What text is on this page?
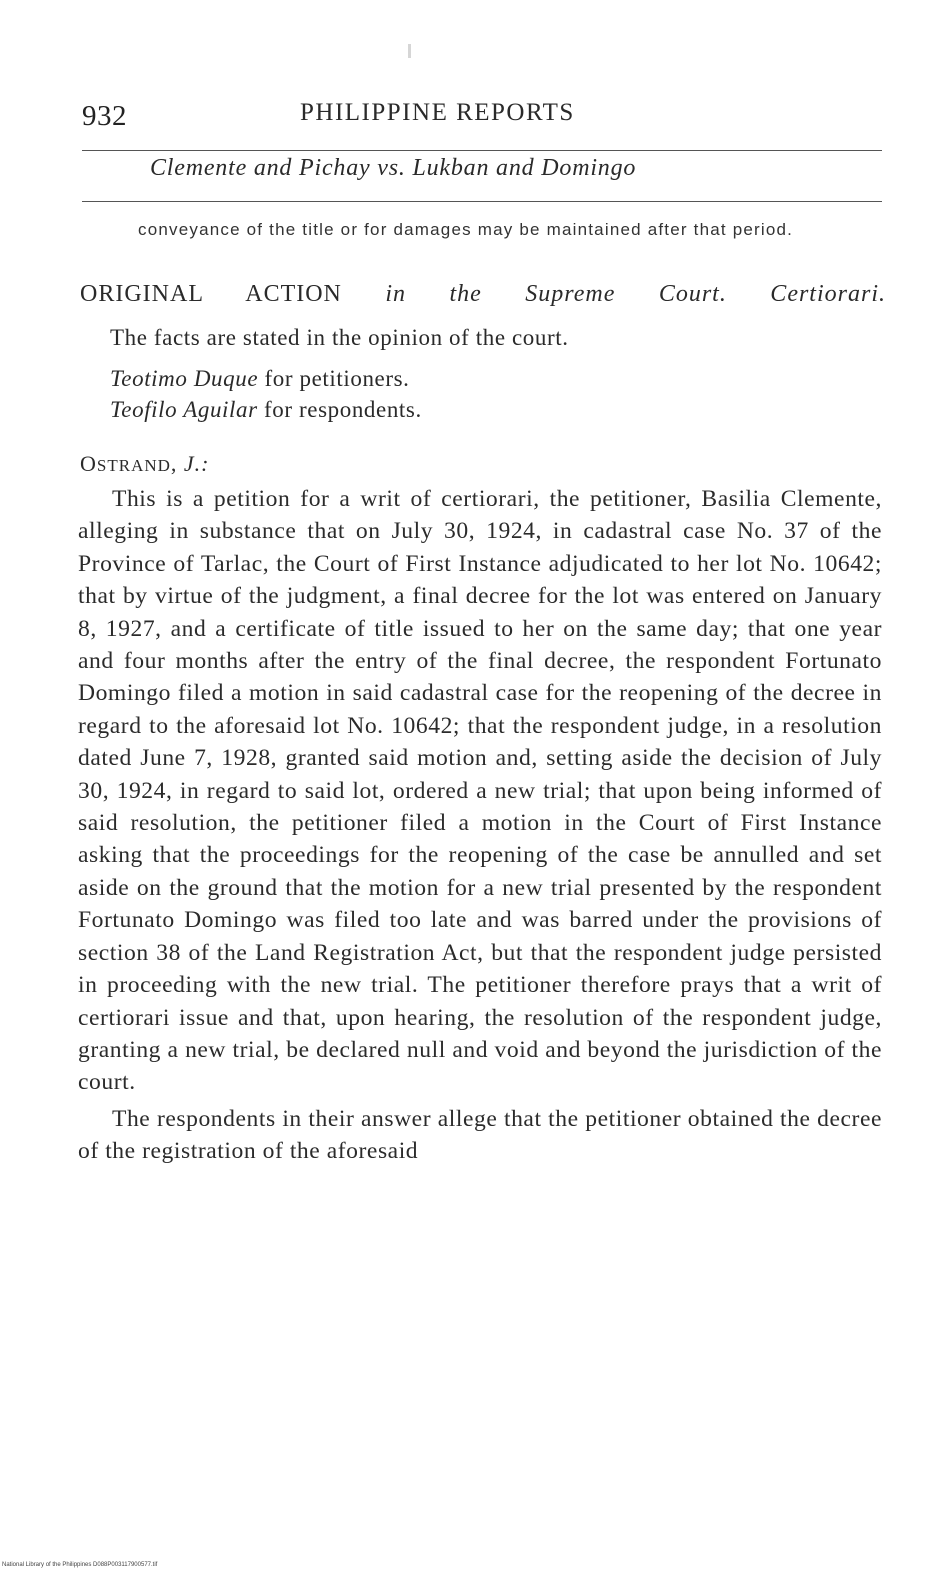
932	PHILIPPINE REPORTS
Clemente and Pichay vs. Lukban and Domingo
conveyance of the title or for damages may be maintained after that period.
ORIGINAL ACTION in the Supreme Court. Certiorari.
The facts are stated in the opinion of the court.
Teotimo Duque for petitioners.
Teofilo Aguilar for respondents.
OSTRAND, J.:

This is a petition for a writ of certiorari, the petitioner, Basilia Clemente, alleging in substance that on July 30, 1924, in cadastral case No. 37 of the Province of Tarlac, the Court of First Instance adjudicated to her lot No. 10642; that by virtue of the judgment, a final decree for the lot was entered on January 8, 1927, and a certificate of title issued to her on the same day; that one year and four months after the entry of the final decree, the respondent Fortunato Domingo filed a motion in said cadastral case for the reopening of the decree in regard to the aforesaid lot No. 10642; that the respondent judge, in a resolution dated June 7, 1928, granted said motion and, setting aside the decision of July 30, 1924, in regard to said lot, ordered a new trial; that upon being informed of said resolution, the petitioner filed a motion in the Court of First Instance asking that the proceedings for the reopening of the case be annulled and set aside on the ground that the motion for a new trial presented by the respondent Fortunato Domingo was filed too late and was barred under the provisions of section 38 of the Land Registration Act, but that the respondent judge persisted in proceeding with the new trial. The petitioner therefore prays that a writ of certiorari issue and that, upon hearing, the resolution of the respondent judge, granting a new trial, be declared null and void and beyond the jurisdiction of the court.

The respondents in their answer allege that the petitioner obtained the decree of the registration of the aforesaid

National Library of the Philippines D088P003117900577.tif
